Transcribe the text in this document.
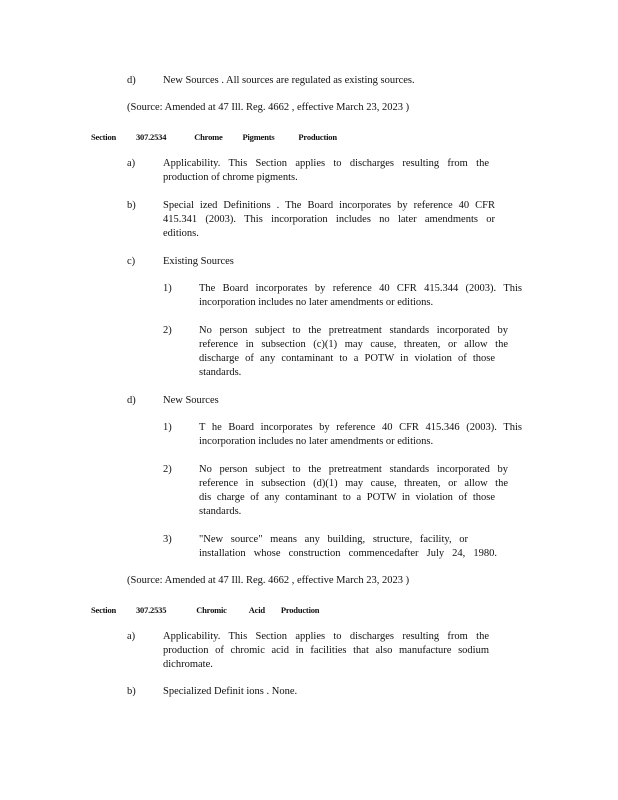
d)	New Sources . All sources are regulated as existing sources.
(Source: Amended at 47 Ill. Reg. 4662 , effective March 23, 2023 )
Section 307.2534	Chrome Pigments	Production
a)	Applicability. This Section applies to discharges resulting from the
production of chrome pigments.
b)	Special ized Definitions . The Board incorporates by reference 40 CFR
415.341 (2003). This incorporation includes no later amendments or
editions.
c)	Existing Sources
1)	The Board incorporates by reference 40 CFR 415.344 (2003). This
incorporation includes no later amendments or editions.
2)	No person subject to the pretreatment standards incorporated by
reference in subsection (c)(1) may cause, threaten, or allow the
discharge of any contaminant to a POTW in violation of those
standards.
d)	New Sources
1)	T he Board incorporates by reference 40 CFR 415.346 (2003). This
incorporation includes no later amendments or editions.
2)	No person subject to the pretreatment standards incorporated by
reference in subsection (d)(1) may cause, threaten, or allow the
dis charge of any contaminant to a POTW in violation of those
standards.
3)	"New source" means any building, structure, facility, or
installation whose construction commencedafter July 24, 1980.
(Source: Amended at 47 Ill. Reg. 4662 , effective March 23, 2023 )
Section 307.2535	Chromic	Acid Production
a)	Applicability. This Section applies to discharges resulting from the
production of chromic acid in facilities that also manufacture sodium
dichromate.
b)	Specialized Definit ions . None.
